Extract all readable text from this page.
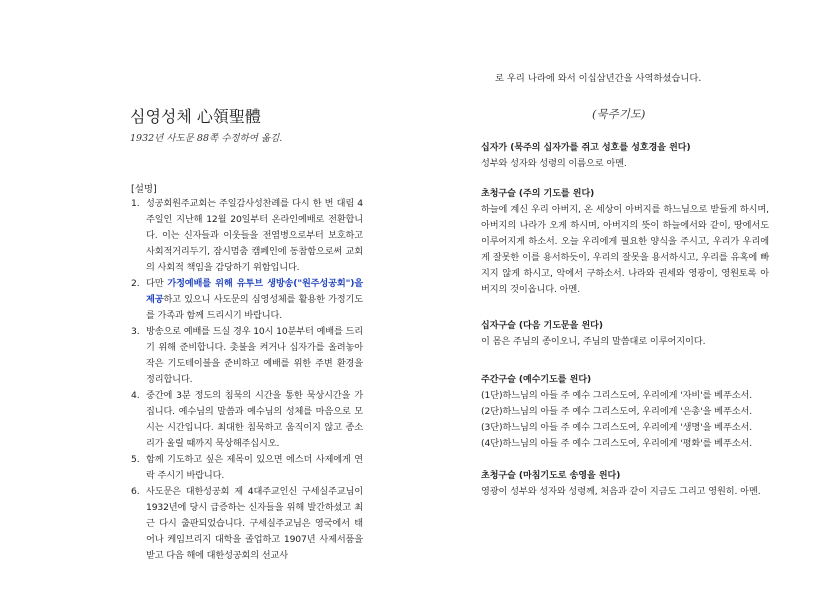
심영성체 心領聖體
1932년 사도문 88쪽 수정하여 옮김.
[설명]
1. 성공회원주교회는 주일감사성찬례를 다시 한 번 대림 4주일인 지난해 12월 20일부터 온라인예배로 전환합니다. 이는 신자들과 이웃들을 전염병으로부터 보호하고 사회적거리두기, 잠시멈춤 캠페인에 동참함으로써 교회의 사회적 책임을 감당하기 위함입니다.
2. 다만 가정예배를 위해 유투브 생방송("원주성공회")을 제공하고 있으니 사도문의 심영성체를 활용한 가정기도를 가족과 함께 드리시기 바랍니다.
3. 방송으로 예배를 드실 경우 10시 10분부터 예배를 드리기 위해 준비합니다. 촛불을 켜거나 십자가를 올려놓아 작은 기도테이블을 준비하고 예배를 위한 주변 환경을 정리합니다.
4. 중간에 3분 정도의 침묵의 시간을 통한 묵상시간을 가집니다. 예수님의 말씀과 예수님의 성체를 마음으로 모시는 시간입니다. 최대한 침묵하고 움직이지 않고 종소리가 울릴 때까지 묵상해주십시오.
5. 함께 기도하고 싶은 제목이 있으면 에스더 사제에게 연락 주시기 바랍니다.
6. 사도문은 대한성공회 제 4대주교인신 구세실주교님이 1932년에 당시 급증하는 신자들을 위해 발간하셨고 최근 다시 출판되었습니다. 구세실주교님은 영국에서 태어나 케임브리지 대학을 졸업하고 1907년 사제서품을 받고 다음 해에 대한성공회의 선교사
로 우리 나라에 와서 이십삼년간을 사역하셨습니다.
(묵주기도)
십자가 (묵주의 십자가를 쥐고 성호를 성호경을 읜다)
성부와 성자와 성령의 이름으로 아멘.
초청구슬 (주의 기도를 읜다)
하늘에 계신 우리 아버지, 온 세상이 아버지를 하느님으로 받들게 하시며, 아버지의 나라가 오게 하시며, 아버지의 뜻이 하늘에서와 같이, 땅에서도 이루어지게 하소서. 오늘 우리에게 필요한 양식을 주시고, 우리가 우리에게 잘못한 이를 용서하듯이, 우리의 잘못을 용서하시고, 우리를 유혹에 빠지지 않게 하시고, 악에서 구하소서. 나라와 권세와 영광이, 영원토록 아버지의 것이옵니다. 아멘.
십자구슬 (다음 기도문을 읜다)
이 몸은 주님의 종이오니, 주님의 말씀대로 이루어지이다.
주간구슬 (예수기도를 읜다)
(1단)하느님의 아들 주 예수 그리스도여, 우리에게 '자비'를 베푸소서.
(2단)하느님의 아들 주 예수 그리스도여, 우리에게 '은총'을 베푸소서.
(3단)하느님의 아들 주 예수 그리스도여, 우리에게 '생명'을 베푸소서.
(4단)하느님의 아들 주 예수 그리스도여, 우리에게 '평화'를 베푸소서.
초청구슬 (마침기도로 송영을 읜다)
영광이 성부와 성자와 성령께, 처음과 같이 지금도 그리고 영원히. 아멘.
